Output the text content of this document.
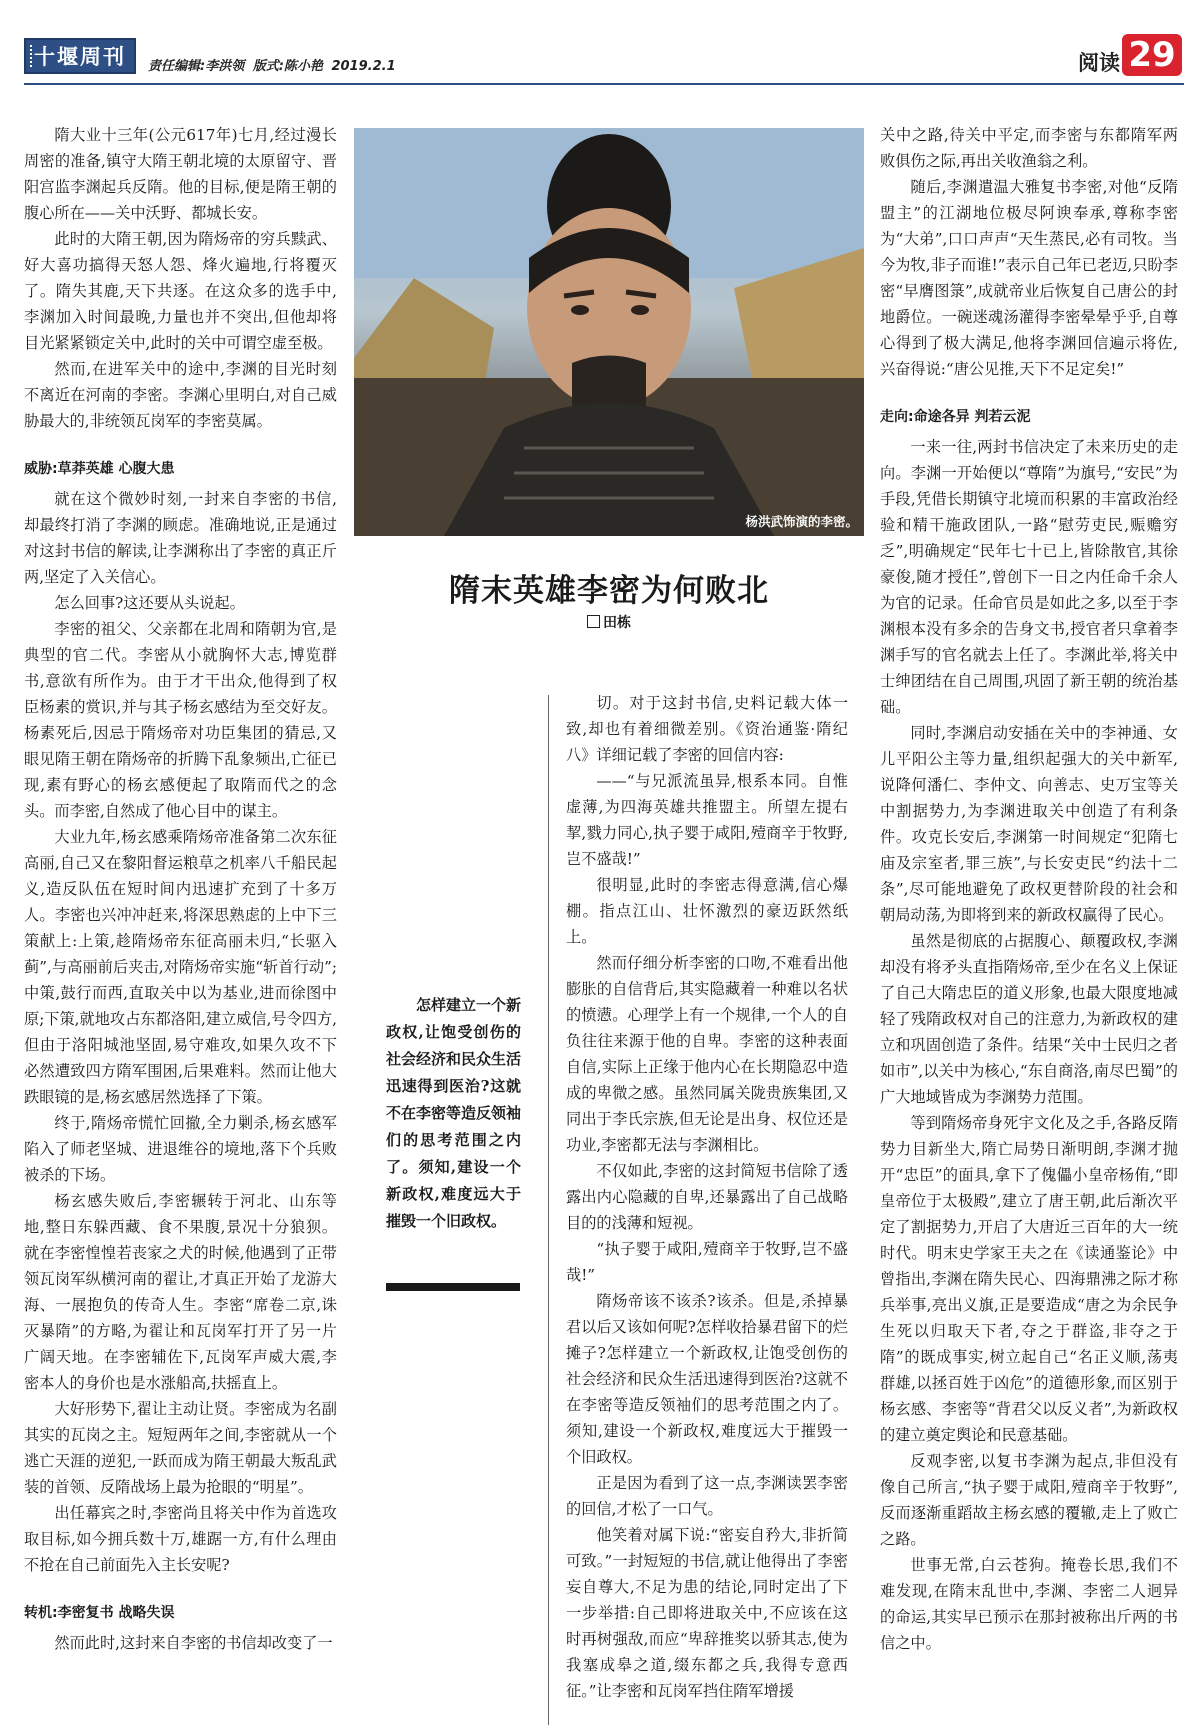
十堰周刊 责任编辑:李洪领 版式:陈小艳 2019.2.1	阅读 29

隋大业十三年(公元617年)七月,经过漫长周密的准备,镇守大隋王朝北境的太原留守、晋阳宫监李渊起兵反隋。他的目标,便是隋王朝的腹心所在——关中沃野、都城长安。

此时的大隋王朝,因为隋炀帝的穷兵黩武、好大喜功搞得天怒人怨、烽火遍地,行将覆灭了。隋失其鹿,天下共逐。在这众多的选手中,李渊加入时间最晚,力量也并不突出,但他却将目光紧紧锁定关中,此时的关中可谓空虚至极。

然而,在进军关中的途中,李渊的目光时刻不离近在河南的李密。李渊心里明白,对自己威胁最大的,非统领瓦岗军的李密莫属。

威胁:草莽英雄 心腹大患

就在这个微妙时刻,一封来自李密的书信,却最终打消了李渊的顾虑。准确地说,正是通过对这封书信的解读,让李渊称出了李密的真正斤两,坚定了入关信心。

怎么回事?这还要从头说起。

李密的祖父、父亲都在北周和隋朝为官,是典型的官二代。李密从小就胸怀大志,博览群书,意欲有所作为。由于才干出众,他得到了权臣杨素的赏识,并与其子杨玄感结为至交好友。杨素死后,因忌于隋炀帝对功臣集团的猜忌,又眼见隋王朝在隋炀帝的折腾下乱象频出,亡征已现,素有野心的杨玄感便起了取隋而代之的念头。而李密,自然成了他心目中的谋主。

大业九年,杨玄感乘隋炀帝准备第二次东征高丽,自己又在黎阳督运粮草之机率八千船民起义,造反队伍在短时间内迅速扩充到了十多万人。李密也兴冲冲赶来,将深思熟虑的上中下三策献上:上策,趁隋炀帝东征高丽未归,“长驱入蓟”,与高丽前后夹击,对隋炀帝实施“斩首行动”;中策,鼓行而西,直取关中以为基业,进而徐图中原;下策,就地攻占东都洛阳,建立威信,号令四方,但由于洛阳城池坚固,易守难攻,如果久攻不下必然遭致四方隋军围困,后果难料。然而让他大跌眼镜的是,杨玄感居然选择了下策。

终于,隋炀帝慌忙回撤,全力剿杀,杨玄感军陷入了师老坚城、进退维谷的境地,落下个兵败被杀的下场。

杨玄感失败后,李密辗转于河北、山东等地,整日东躲西藏、食不果腹,景况十分狼狈。就在李密惶惶若丧家之犬的时候,他遇到了正带领瓦岗军纵横河南的翟让,才真正开始了龙游大海、一展抱负的传奇人生。李密“席卷二京,诛灭暴隋”的方略,为翟让和瓦岗军打开了另一片广阔天地。在李密辅佐下,瓦岗军声威大震,李密本人的身价也是水涨船高,扶摇直上。

大好形势下,翟让主动让贤。李密成为名副其实的瓦岗之主。短短两年之间,李密就从一个逃亡天涯的逆犯,一跃而成为隋王朝最大叛乱武装的首领、反隋战场上最为抢眼的“明星”。

出任幕宾之时,李密尚且将关中作为首选攻取目标,如今拥兵数十万,雄踞一方,有什么理由不抢在自己前面先入主长安呢?

转机:李密复书 战略失误

然而此时,这封来自李密的书信却改变了一

杨洪武饰演的李密。
隋末英雄李密为何败北
田栋
怎样建立一个新政权,让饱受创伤的社会经济和民众生活迅速得到医治?这就不在李密等造反领袖们的思考范围之内了。须知,建设一个新政权,难度远大于摧毁一个旧政权。

切。对于这封书信,史料记载大体一致,却也有着细微差别。《资治通鉴·隋纪八》详细记载了李密的回信内容:

——“与兄派流虽异,根系本同。自惟虚薄,为四海英雄共推盟主。所望左提右挈,戮力同心,执子婴于咸阳,殪商辛于牧野,岂不盛哉!”

很明显,此时的李密志得意满,信心爆棚。指点江山、壮怀激烈的豪迈跃然纸上。

然而仔细分析李密的口吻,不难看出他膨胀的自信背后,其实隐藏着一种难以名状的愤懑。心理学上有一个规律,一个人的自负往往来源于他的自卑。李密的这种表面自信,实际上正缘于他内心在长期隐忍中造成的卑微之感。虽然同属关陇贵族集团,又同出于李氏宗族,但无论是出身、权位还是功业,李密都无法与李渊相比。

不仅如此,李密的这封简短书信除了透露出内心隐藏的自卑,还暴露出了自己战略目的的浅薄和短视。

“执子婴于咸阳,殪商辛于牧野,岂不盛哉!”

隋炀帝该不该杀?该杀。但是,杀掉暴君以后又该如何呢?怎样收拾暴君留下的烂摊子?怎样建立一个新政权,让饱受创伤的社会经济和民众生活迅速得到医治?这就不在李密等造反领袖们的思考范围之内了。须知,建设一个新政权,难度远大于摧毁一个旧政权。

正是因为看到了这一点,李渊读罢李密的回信,才松了一口气。

他笑着对属下说:“密妄自矜大,非折简可致。”一封短短的书信,就让他得出了李密妄自尊大,不足为患的结论,同时定出了下一步举措:自己即将进取关中,不应该在这时再树强敌,而应“卑辞推奖以骄其志,使为我塞成皋之道,缀东都之兵,我得专意西征。”让李密和瓦岗军挡住隋军增援

关中之路,待关中平定,而李密与东都隋军两败俱伤之际,再出关收渔翁之利。

随后,李渊遣温大雅复书李密,对他“反隋盟主”的江湖地位极尽阿谀奉承,尊称李密为“大弟”,口口声声“天生蒸民,必有司牧。当今为牧,非子而谁!”表示自己年已老迈,只盼李密“早膺图箓”,成就帝业后恢复自己唐公的封地爵位。一碗迷魂汤灌得李密晕晕乎乎,自尊心得到了极大满足,他将李渊回信遍示将佐,兴奋得说:“唐公见推,天下不足定矣!”

走向:命途各异 判若云泥

一来一往,两封书信决定了未来历史的走向。李渊一开始便以“尊隋”为旗号,“安民”为手段,凭借长期镇守北境而积累的丰富政治经验和精干施政团队,一路“慰劳吏民,赈赡穷乏”,明确规定“民年七十已上,皆除散官,其徐豪俊,随才授任”,曾创下一日之内任命千余人为官的记录。任命官员是如此之多,以至于李渊根本没有多余的告身文书,授官者只拿着李渊手写的官名就去上任了。李渊此举,将关中士绅团结在自己周围,巩固了新王朝的统治基础。

同时,李渊启动安插在关中的李神通、女儿平阳公主等力量,组织起强大的关中新军,说降何潘仁、李仲文、向善志、史万宝等关中割据势力,为李渊进取关中创造了有利条件。攻克长安后,李渊第一时间规定“犯隋七庙及宗室者,罪三族”,与长安吏民“约法十二条”,尽可能地避免了政权更替阶段的社会和朝局动荡,为即将到来的新政权赢得了民心。

虽然是彻底的占据腹心、颠覆政权,李渊却没有将矛头直指隋炀帝,至少在名义上保证了自己大隋忠臣的道义形象,也最大限度地减轻了残隋政权对自己的注意力,为新政权的建立和巩固创造了条件。结果“关中士民归之者如市”,以关中为核心,“东自商洛,南尽巴蜀”的广大地域皆成为李渊势力范围。

等到隋炀帝身死宇文化及之手,各路反隋势力目新坐大,隋亡局势日渐明朗,李渊才抛开“忠臣”的面具,拿下了傀儡小皇帝杨侑,“即皇帝位于太极殿”,建立了唐王朝,此后渐次平定了割据势力,开启了大唐近三百年的大一统时代。明末史学家王夫之在《读通鉴论》中曾指出,李渊在隋失民心、四海鼎沸之际才称兵举事,亮出义旗,正是要造成“唐之为余民争生死以归取天下者,夺之于群盗,非夺之于隋”的既成事实,树立起自己“名正义顺,荡夷群雄,以拯百姓于凶危”的道德形象,而区别于杨玄感、李密等“背君父以反义者”,为新政权的建立奠定舆论和民意基础。

反观李密,以复书李渊为起点,非但没有像自己所言,“执子婴于咸阳,殪商辛于牧野”,反而逐渐重蹈故主杨玄感的覆辙,走上了败亡之路。

世事无常,白云苍狗。掩卷长思,我们不难发现,在隋末乱世中,李渊、李密二人迥异的命运,其实早已预示在那封被称出斤两的书信之中。
